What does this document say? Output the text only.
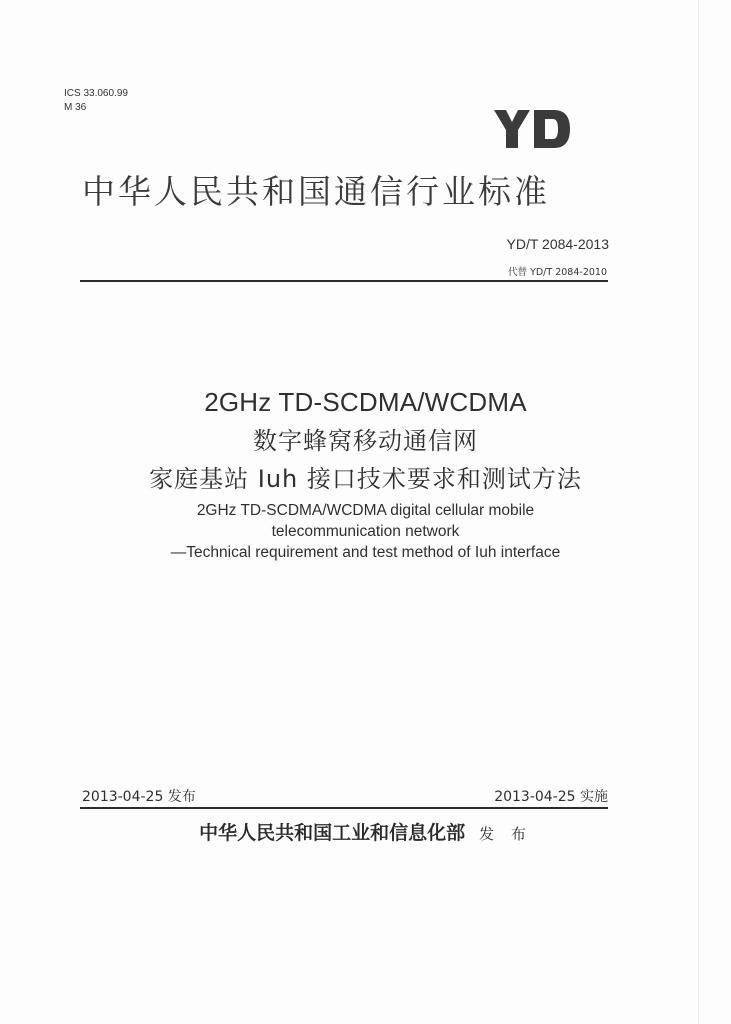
ICS 33.060.99
M 36
中华人民共和国通信行业标准
YD/T 2084-2013
代替 YD/T 2084-2010
2GHz TD-SCDMA/WCDMA
数字蜂窝移动通信网
家庭基站 Iuh 接口技术要求和测试方法
2GHz TD-SCDMA/WCDMA digital cellular mobile
telecommunication network
—Technical requirement and test method of Iuh interface
2013-04-25 发布	2013-04-25 实施
中华人民共和国工业和信息化部 发 布
